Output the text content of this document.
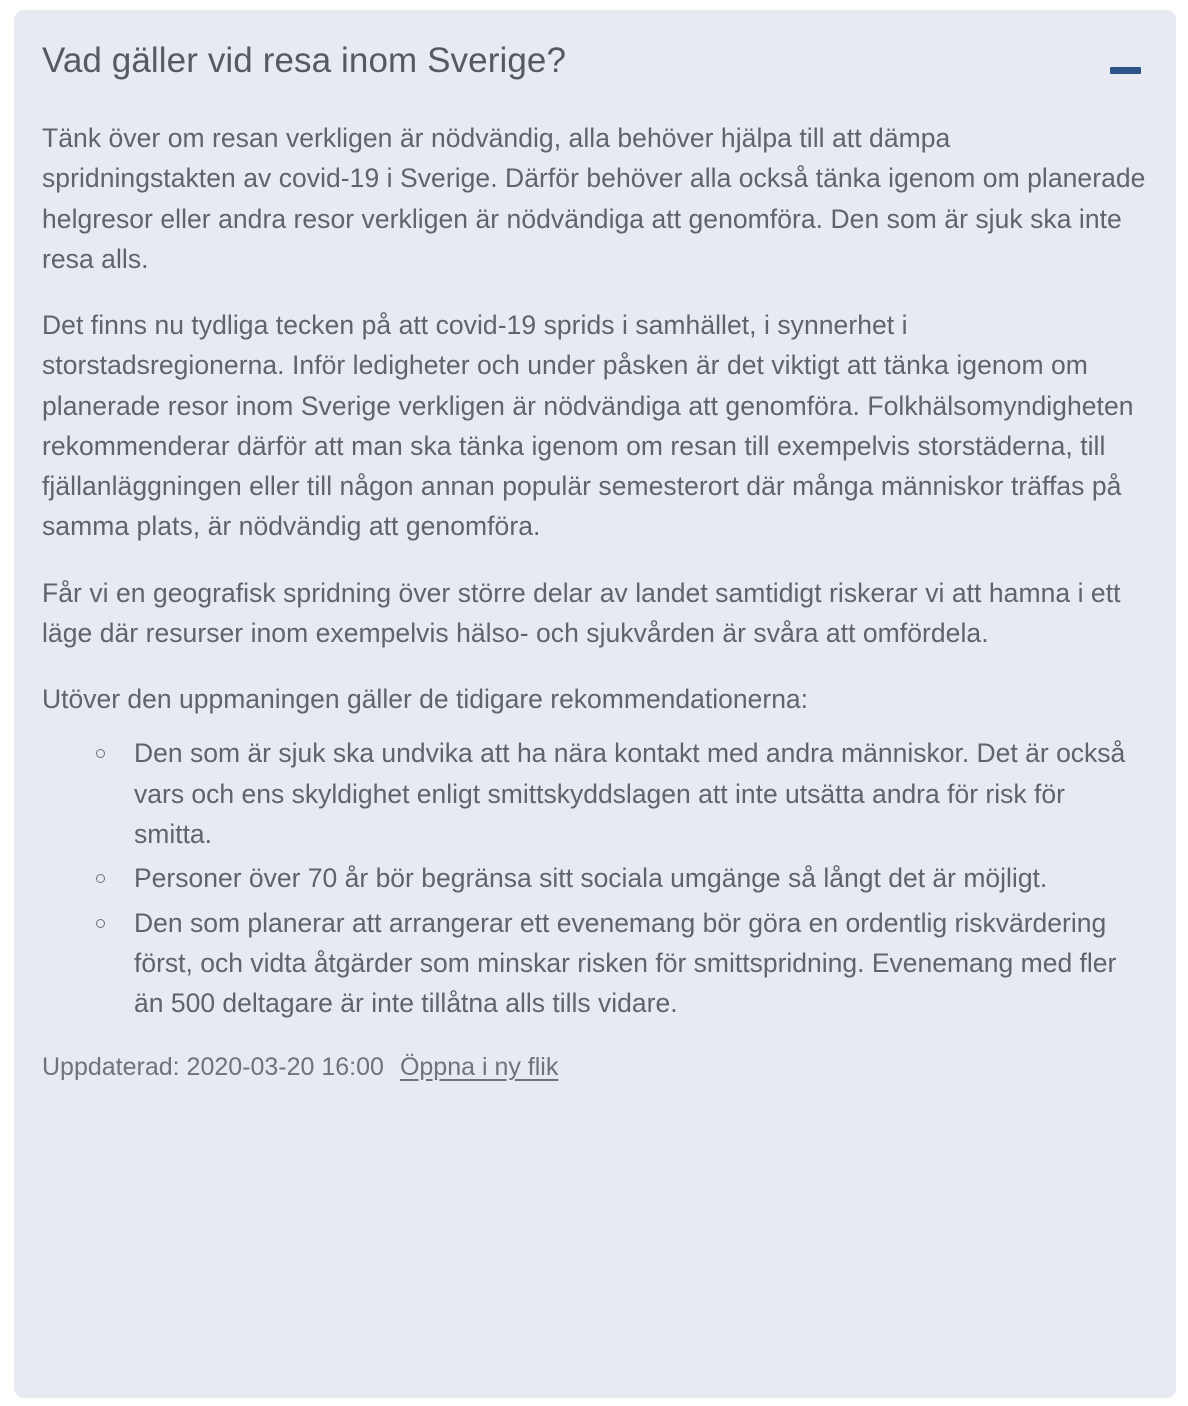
Vad gäller vid resa inom Sverige?

Tänk över om resan verkligen är nödvändig, alla behöver hjälpa till att dämpa spridningstakten av covid-19 i Sverige. Därför behöver alla också tänka igenom om planerade helgresor eller andra resor verkligen är nödvändiga att genomföra. Den som är sjuk ska inte resa alls.

Det finns nu tydliga tecken på att covid-19 sprids i samhället, i synnerhet i storstadsregionerna. Inför ledigheter och under påsken är det viktigt att tänka igenom om planerade resor inom Sverige verkligen är nödvändiga att genomföra. Folkhälsomyndigheten rekommenderar därför att man ska tänka igenom om resan till exempelvis storstäderna, till fjällanläggningen eller till någon annan populär semesterort där många människor träffas på samma plats, är nödvändig att genomföra.

Får vi en geografisk spridning över större delar av landet samtidigt riskerar vi att hamna i ett läge där resurser inom exempelvis hälso- och sjukvården är svåra att omfördela.

Utöver den uppmaningen gäller de tidigare rekommendationerna:

Den som är sjuk ska undvika att ha nära kontakt med andra människor. Det är också vars och ens skyldighet enligt smittskyddslagen att inte utsätta andra för risk för smitta.
Personer över 70 år bör begränsa sitt sociala umgänge så långt det är möjligt.
Den som planerar att arrangerar ett evenemang bör göra en ordentlig riskvärdering först, och vidta åtgärder som minskar risken för smittspridning. Evenemang med fler än 500 deltagare är inte tillåtna alls tills vidare.
Uppdaterad: 2020-03-20 16:00 Öppna i ny flik
